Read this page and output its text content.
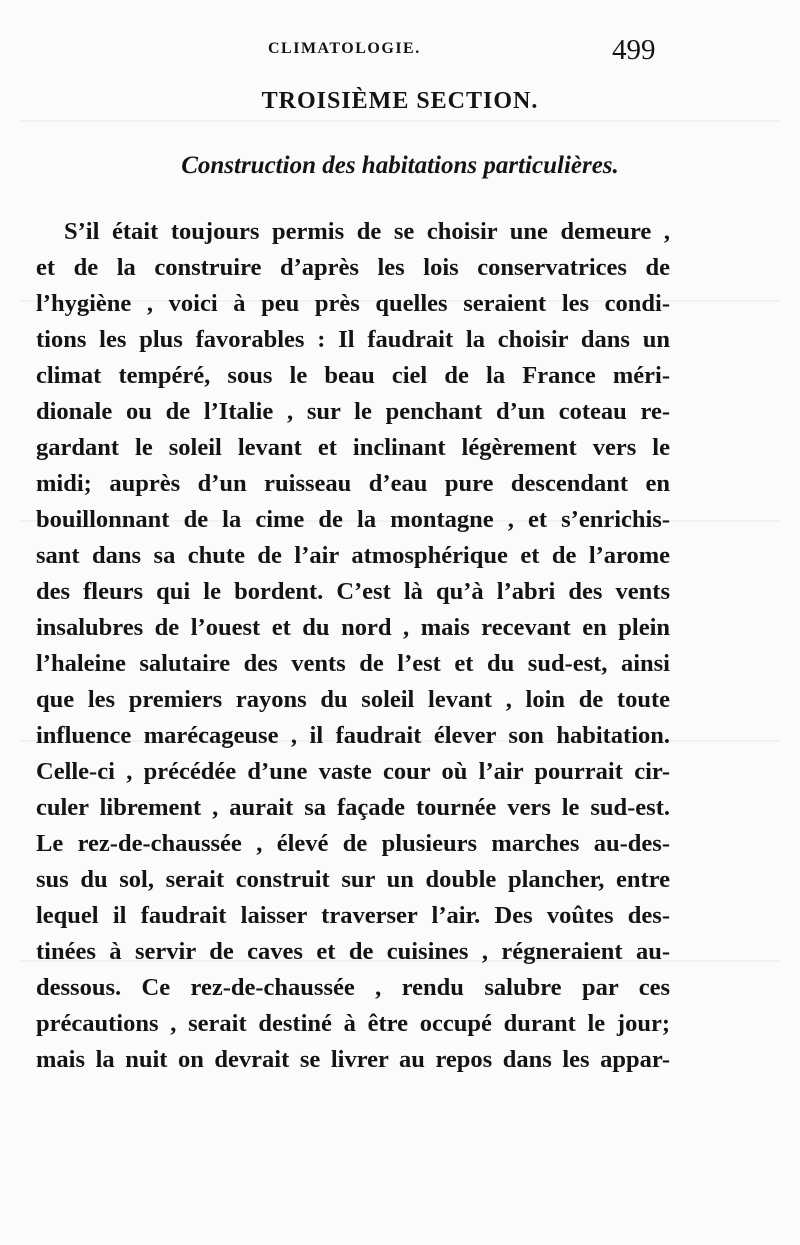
CLIMATOLOGIE.	499
TROISIÈME SECTION.
Construction des habitations particulières.
S’il était toujours permis de se choisir une demeure ,
et de la construire d’après les lois conservatrices de
l’hygiène , voici à peu près quelles seraient les condi-
tions les plus favorables : Il faudrait la choisir dans un
climat tempéré, sous le beau ciel de la France méri-
dionale ou de l’Italie , sur le penchant d’un coteau re-
gardant le soleil levant et inclinant légèrement vers le
midi; auprès d’un ruisseau d’eau pure descendant en
bouillonnant de la cime de la montagne , et s’enrichis-
sant dans sa chute de l’air atmosphérique et de l’arome
des fleurs qui le bordent. C’est là qu’à l’abri des vents
insalubres de l’ouest et du nord , mais recevant en plein
l’haleine salutaire des vents de l’est et du sud-est, ainsi
que les premiers rayons du soleil levant , loin de toute
influence marécageuse , il faudrait élever son habitation.
Celle-ci , précédée d’une vaste cour où l’air pourrait cir-
culer librement , aurait sa façade tournée vers le sud-est.
Le rez-de-chaussée , élevé de plusieurs marches au-des-
sus du sol, serait construit sur un double plancher, entre
lequel il faudrait laisser traverser l’air. Des voûtes des-
tinées à servir de caves et de cuisines , régneraient au-
dessous. Ce rez-de-chaussée , rendu salubre par ces
précautions , serait destiné à être occupé durant le jour;
mais la nuit on devrait se livrer au repos dans les appar-
